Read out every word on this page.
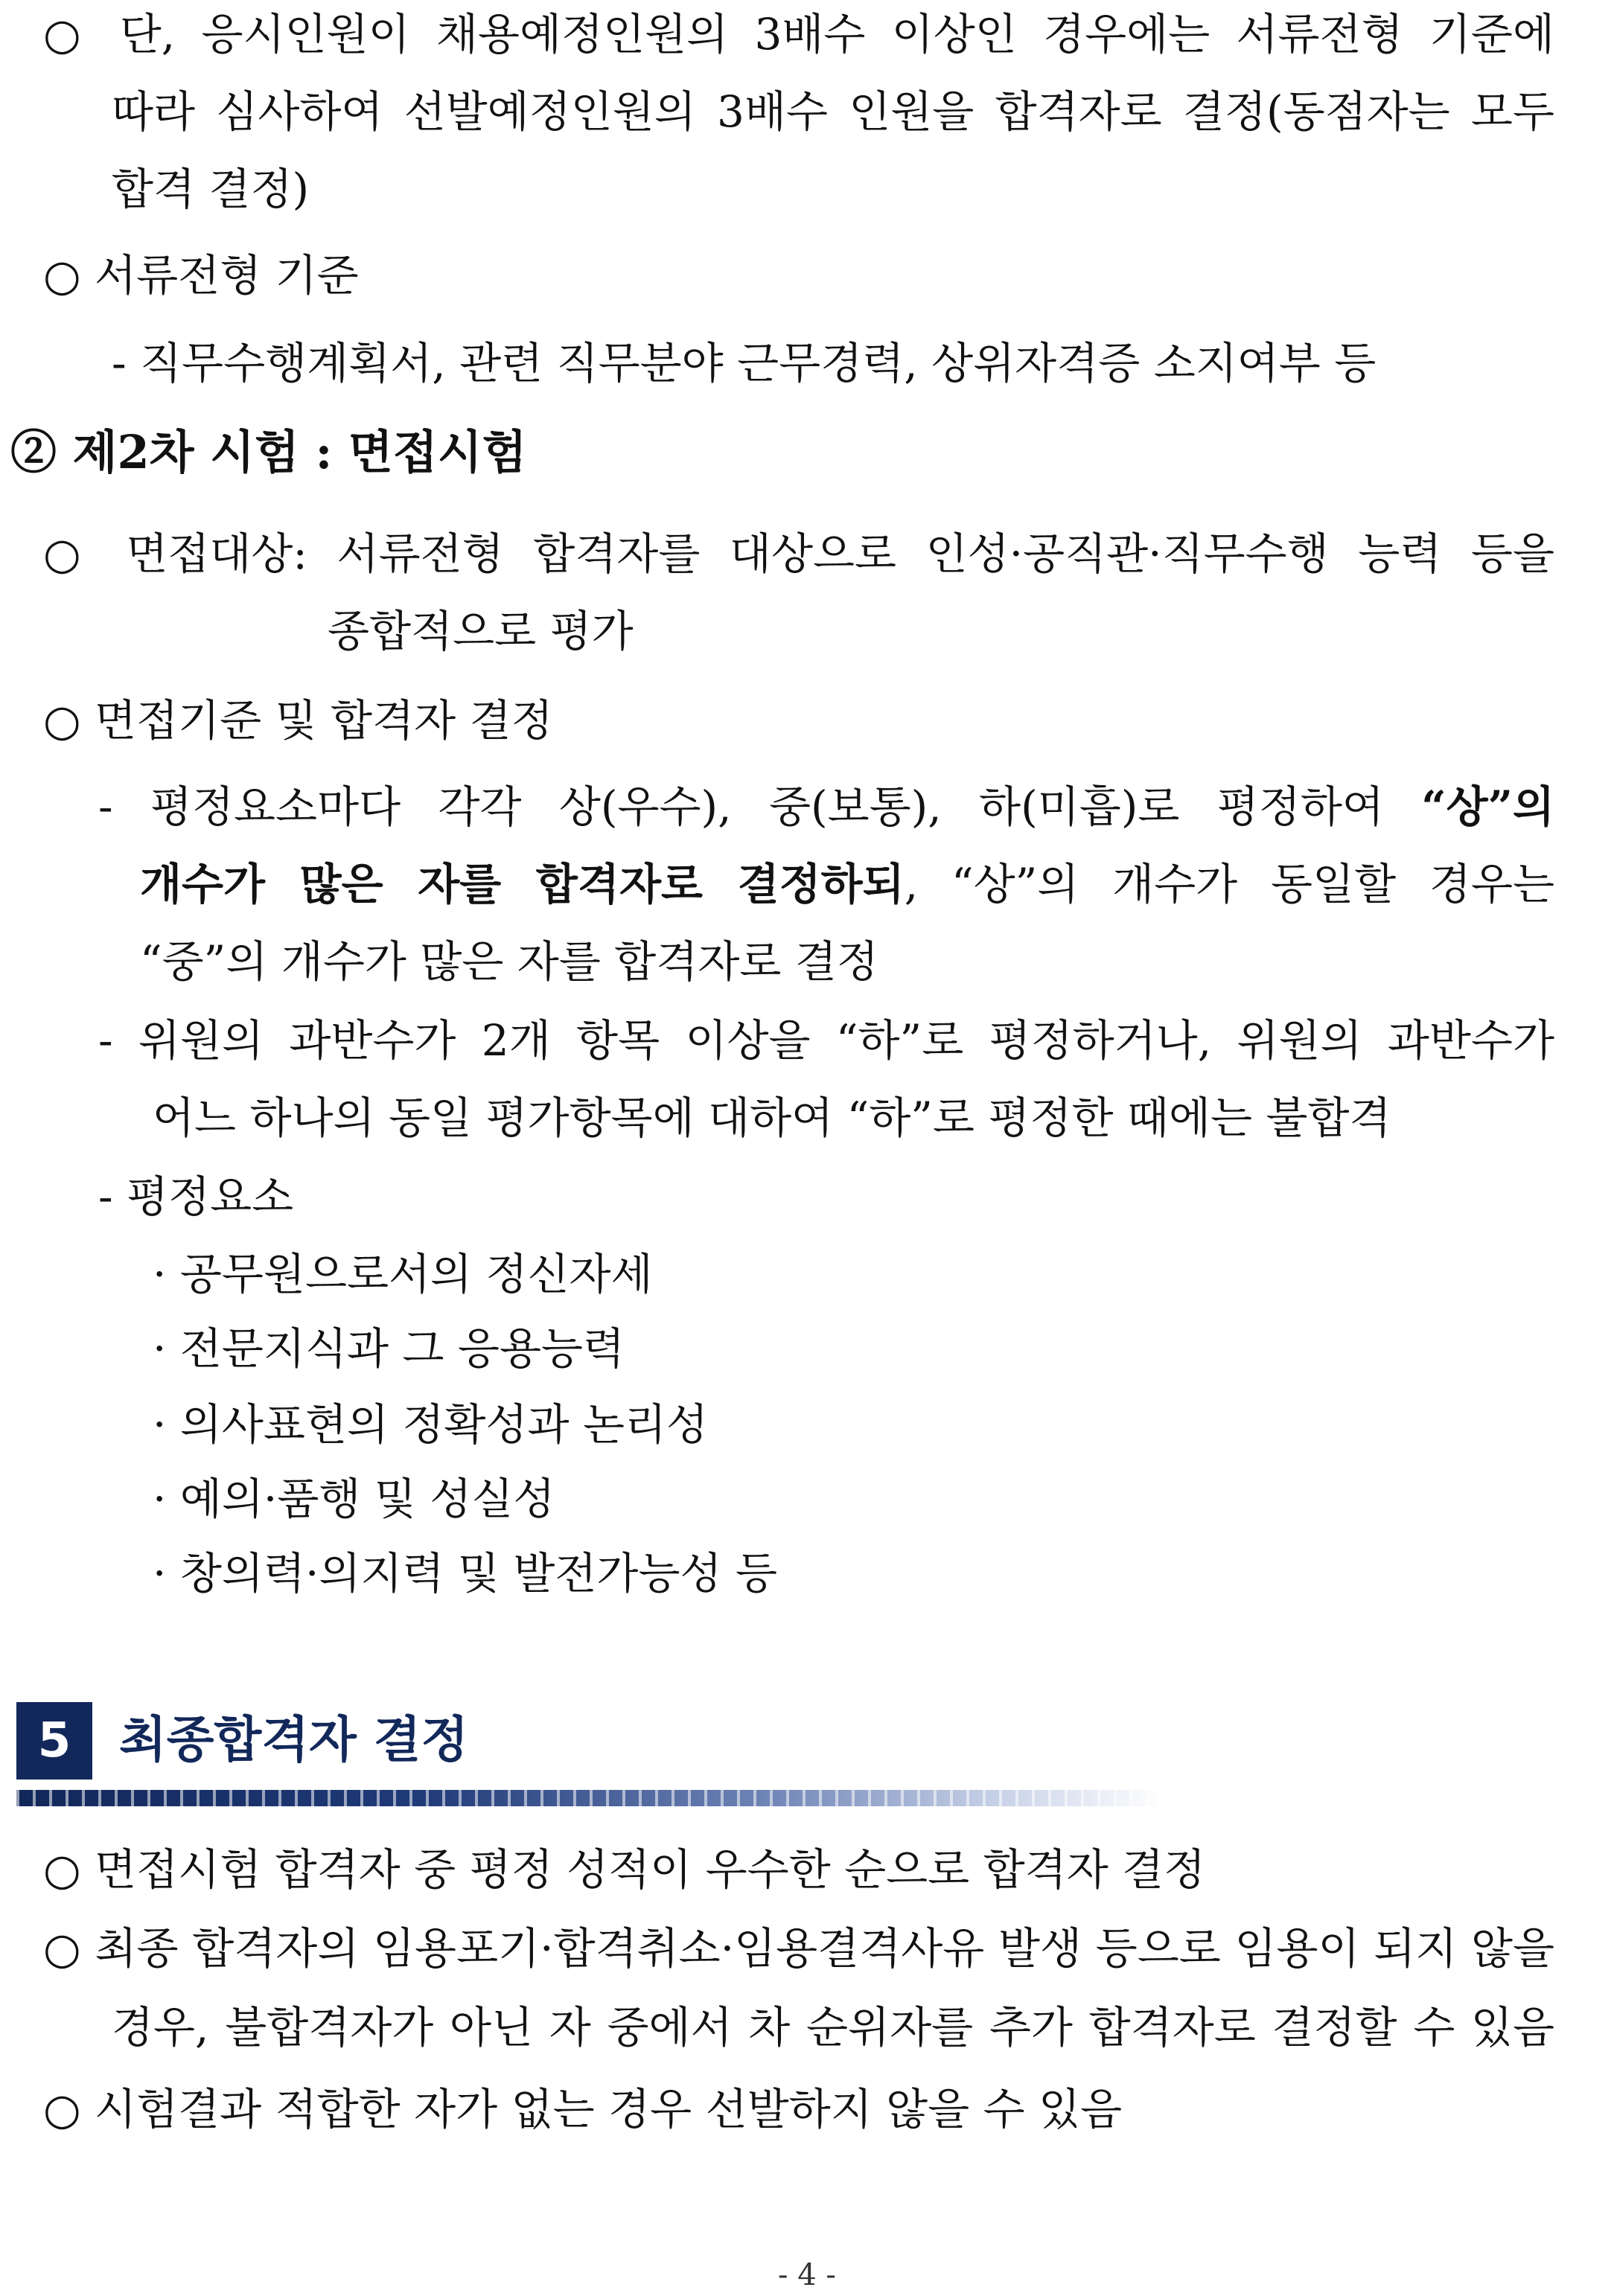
○ 단, 응시인원이 채용예정인원의 3배수 이상인 경우에는 서류전형 기준에
따라 심사하여 선발예정인원의 3배수 인원을 합격자로 결정(동점자는 모두
합격 결정)
○ 서류전형 기준
- 직무수행계획서, 관련 직무분야 근무경력, 상위자격증 소지여부 등
② 제2차 시험 : 면접시험
○ 면접대상: 서류전형 합격자를 대상으로 인성·공직관·직무수행 능력 등을
종합적으로 평가
○ 면접기준 및 합격자 결정
- 평정요소마다 각각 상(우수), 중(보통), 하(미흡)로 평정하여 “상”의
개수가 많은 자를 합격자로 결정하되, “상”의 개수가 동일할 경우는
“중”의 개수가 많은 자를 합격자로 결정
- 위원의 과반수가 2개 항목 이상을 “하”로 평정하거나, 위원의 과반수가
어느 하나의 동일 평가항목에 대하여 “하”로 평정한 때에는 불합격
- 평정요소
· 공무원으로서의 정신자세
· 전문지식과 그 응용능력
· 의사표현의 정확성과 논리성
· 예의·품행 및 성실성
· 창의력·의지력 및 발전가능성 등
5 최종합격자 결정
○ 면접시험 합격자 중 평정 성적이 우수한 순으로 합격자 결정
○ 최종 합격자의 임용포기·합격취소·임용결격사유 발생 등으로 임용이 되지 않을
경우, 불합격자가 아닌 자 중에서 차 순위자를 추가 합격자로 결정할 수 있음
○ 시험결과 적합한 자가 없는 경우 선발하지 않을 수 있음
- 4 -
